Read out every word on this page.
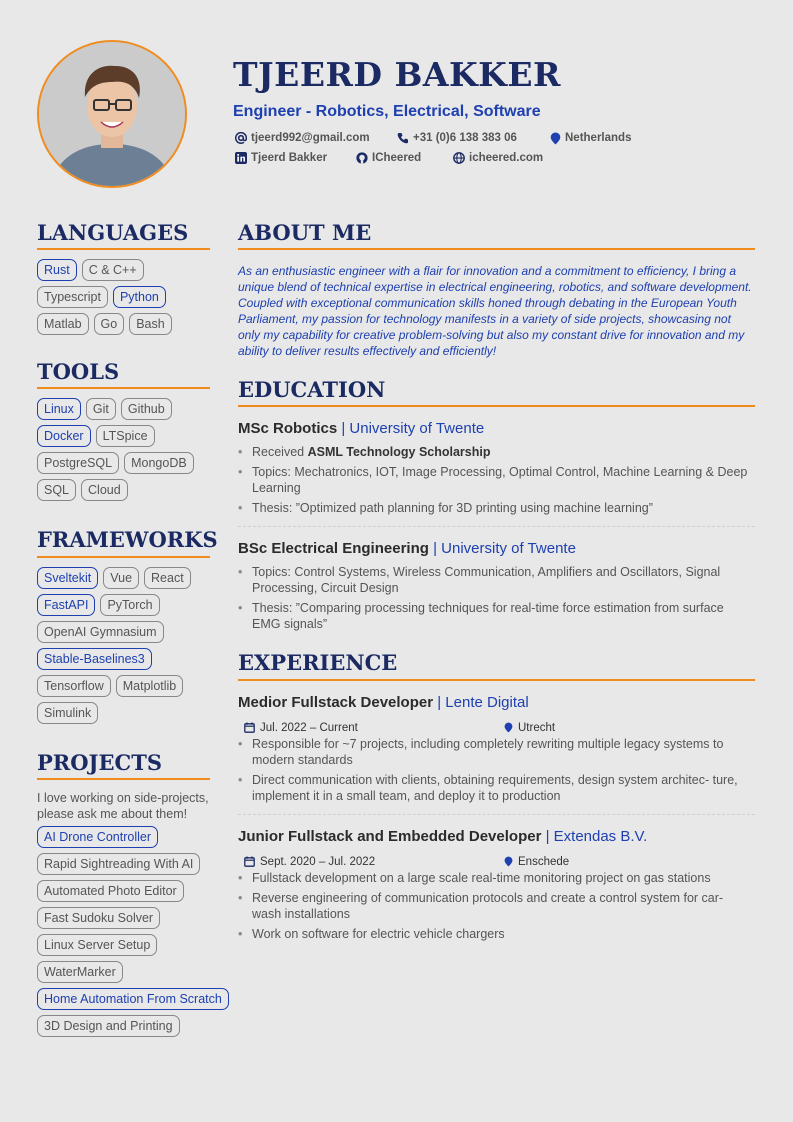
TJEERD BAKKER
Engineer - Robotics, Electrical, Software
tjeerd992@gmail.com	+31 (0)6 138 383 06	Netherlands
Tjeerd Bakker	ICheered	icheered.com
LANGUAGES
Rust	C & C++
Typescript	Python
Matlab	Go	Bash
TOOLS
Linux	Git	Github
Docker	LTSpice
PostgreSQL	MongoDB
SQL	Cloud
FRAMEWORKS
Sveltekit	Vue	React
FastAPI	PyTorch
OpenAI Gymnasium
Stable-Baselines3
Tensorflow	Matplotlib
Simulink
PROJECTS

I love working on side-projects, please ask me about them!

AI Drone Controller
Rapid Sightreading With AI
Automated Photo Editor
Fast Sudoku Solver
Linux Server Setup
WaterMarker
Home Automation From Scratch
3D Design and Printing
ABOUT ME

As an enthusiastic engineer with a flair for innovation and a commitment to efficiency, I bring a unique blend of technical expertise in electrical engineering, robotics, and software development. Coupled with exceptional communication skills honed through debating in the European Youth Parliament, my passion for technology manifests in a variety of side projects, showcasing not only my capability for creative problem-solving but also my constant drive for innovation and my ability to deliver results effectively and efficiently!

EDUCATION
MSc Robotics | University of Twente
• Received ASML Technology Scholarship
• Topics: Mechatronics, IOT, Image Processing, Optimal Control, Machine Learning & Deep Learning
• Thesis: ”Optimized path planning for 3D printing using machine learning”
BSc Electrical Engineering | University of Twente
• Topics: Control Systems, Wireless Communication, Amplifiers and Oscillators, Signal Processing, Circuit Design
• Thesis: ”Comparing processing techniques for real-time force estimation from surface EMG signals”
EXPERIENCE
Medior Fullstack Developer | Lente Digital
Jul. 2022 – Current	Utrecht
• Responsible for ~7 projects, including completely rewriting multiple legacy systems to modern standards
• Direct communication with clients, obtaining requirements, design system architec- ture, implement it in a small team, and deploy it to production
Junior Fullstack and Embedded Developer | Extendas B.V.
Sept. 2020 – Jul. 2022	Enschede
• Fullstack development on a large scale real-time monitoring project on gas stations
• Reverse engineering of communication protocols and create a control system for car- wash installations
• Work on software for electric vehicle chargers
